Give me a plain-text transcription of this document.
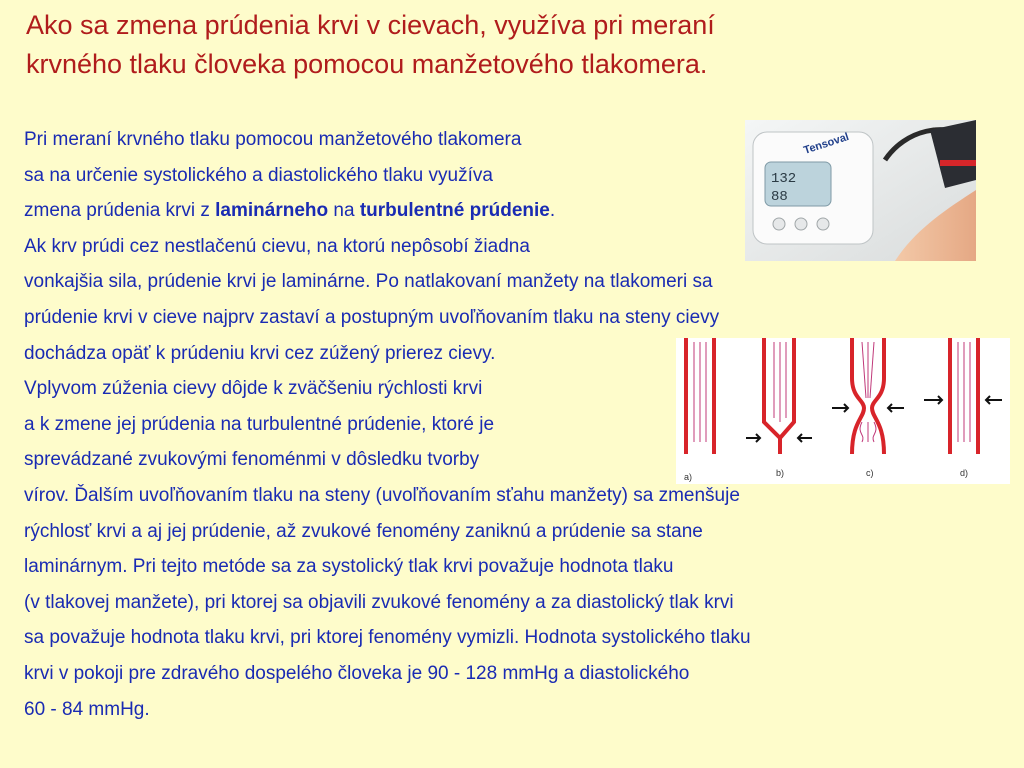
Ako sa zmena prúdenia krvi v cievach, využíva pri meraní
krvného tlaku človeka pomocou manžetového tlakomera.
132
88
Tensoval
a)	b)	c)	d)
Pri meraní krvného tlaku pomocou manžetového tlakomera
sa na určenie systolického a diastolického tlaku využíva
zmena prúdenia krvi z laminárneho na turbulentné prúdenie.
Ak krv prúdi cez nestlačenú cievu, na ktorú nepôsobí žiadna
vonkajšia sila, prúdenie krvi je laminárne. Po natlakovaní manžety na tlakomeri sa
prúdenie krvi v cieve najprv zastaví a postupným uvoľňovaním tlaku na steny cievy
dochádza opäť k prúdeniu krvi cez zúžený prierez cievy.
Vplyvom zúženia cievy dôjde k zväčšeniu rýchlosti krvi
a k zmene jej prúdenia na turbulentné prúdenie, ktoré je
sprevádzané zvukovými fenoménmi v dôsledku tvorby
vírov. Ďalším uvoľňovaním tlaku na steny (uvoľňovaním sťahu manžety) sa zmenšuje
rýchlosť krvi a aj jej prúdenie, až zvukové fenomény zaniknú a prúdenie sa stane
laminárnym. Pri tejto metóde sa za systolický tlak krvi považuje hodnota tlaku
(v tlakovej manžete), pri ktorej sa objavili zvukové fenomény a za diastolický tlak krvi
sa považuje hodnota tlaku krvi, pri ktorej fenomény vymizli. Hodnota systolického tlaku
krvi v pokoji pre zdravého dospelého človeka je 90 - 128 mmHg a diastolického
60 - 84 mmHg.
